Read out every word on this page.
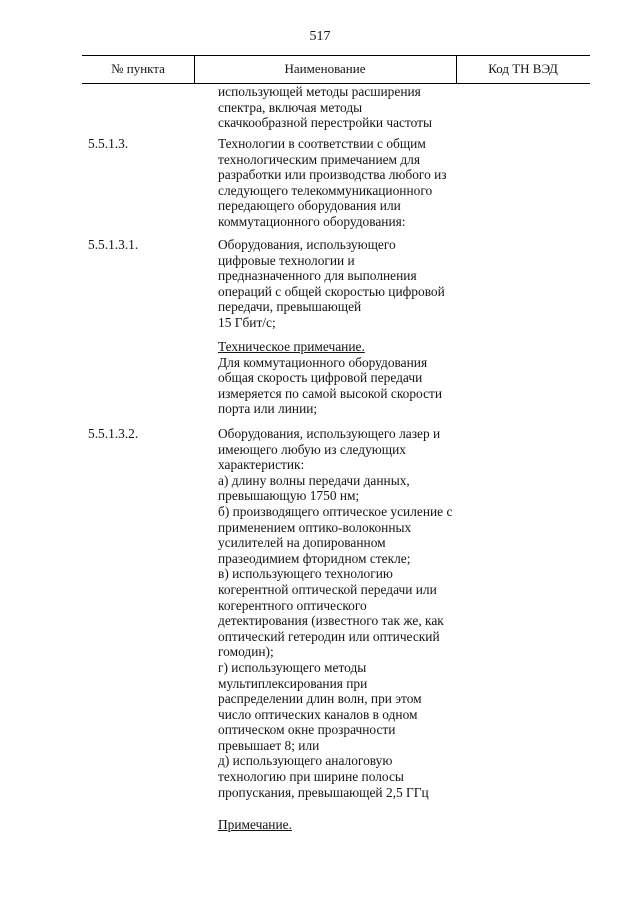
517
№ пункта	Наименование	Код ТН ВЭД
использующей методы расширения
спектра, включая методы
скачкообразной перестройки частоты
5.5.1.3.	Технологии в соответствии с общим
технологическим примечанием для
разработки или производства любого из
следующего телекоммуникационного
передающего оборудования или
коммутационного оборудования:
5.5.1.3.1.	Оборудования, использующего
цифровые технологии и
предназначенного для выполнения
операций с общей скоростью цифровой
передачи, превышающей
15 Гбит/с;
Техническое примечание.
Для коммутационного оборудования
общая скорость цифровой передачи
измеряется по самой высокой скорости
порта или линии;
5.5.1.3.2.	Оборудования, использующего лазер и
имеющего любую из следующих
характеристик:
а) длину волны передачи данных,
превышающую 1750 нм;
б) производящего оптическое усиление с
применением оптико-волоконных
усилителей на допированном
празеодимием фторидном стекле;
в) использующего технологию
когерентной оптической передачи или
когерентного оптического
детектирования (известного так же, как
оптический гетеродин или оптический
гомодин);
г) использующего методы
мультиплексирования при
распределении длин волн, при этом
число оптических каналов в одном
оптическом окне прозрачности
превышает 8; или
д) использующего аналоговую
технологию при ширине полосы
пропускания, превышающей 2,5 ГГц
Примечание.
